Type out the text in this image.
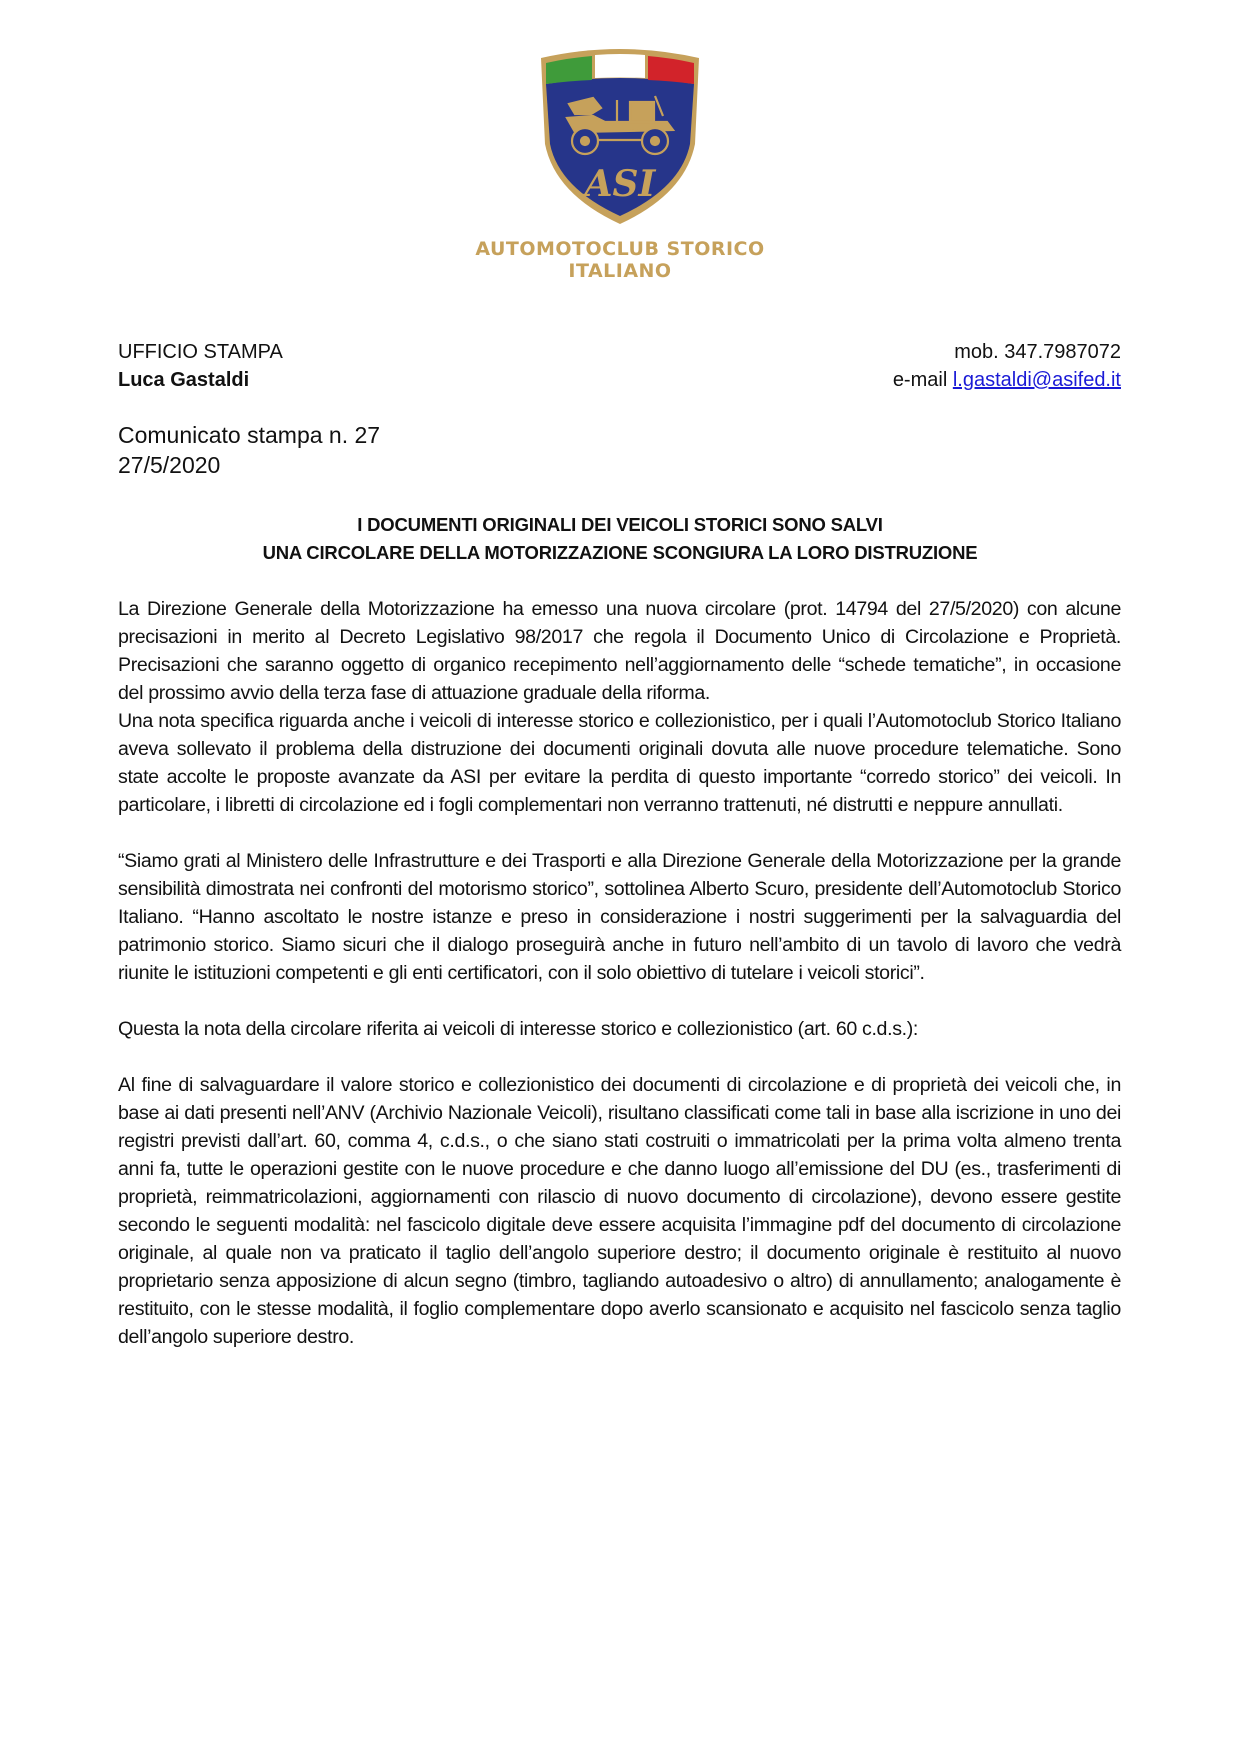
ASI
AUTOMOTOCLUB STORICO
ITALIANO
UFFICIO STAMPA
Luca Gastaldi
mob. 347.7987072
e-mail l.gastaldi@asifed.it
Comunicato stampa n. 27
27/5/2020
I DOCUMENTI ORIGINALI DEI VEICOLI STORICI SONO SALVI
UNA CIRCOLARE DELLA MOTORIZZAZIONE SCONGIURA LA LORO DISTRUZIONE

La Direzione Generale della Motorizzazione ha emesso una nuova circolare (prot. 14794 del 27/5/2020) con alcune precisazioni in merito al Decreto Legislativo 98/2017 che regola il Documento Unico di Circolazione e Proprietà. Precisazioni che saranno oggetto di organico recepimento nell’aggiornamento delle “schede tematiche”, in occasione del prossimo avvio della terza fase di attuazione graduale della riforma.

Una nota specifica riguarda anche i veicoli di interesse storico e collezionistico, per i quali l’Automotoclub Storico Italiano aveva sollevato il problema della distruzione dei documenti originali dovuta alle nuove procedure telematiche. Sono state accolte le proposte avanzate da ASI per evitare la perdita di questo importante “corredo storico” dei veicoli. In particolare, i libretti di circolazione ed i fogli complementari non verranno trattenuti, né distrutti e neppure annullati.

“Siamo grati al Ministero delle Infrastrutture e dei Trasporti e alla Direzione Generale della Motorizzazione per la grande sensibilità dimostrata nei confronti del motorismo storico”, sottolinea Alberto Scuro, presidente dell’Automotoclub Storico Italiano. “Hanno ascoltato le nostre istanze e preso in considerazione i nostri suggerimenti per la salvaguardia del patrimonio storico. Siamo sicuri che il dialogo proseguirà anche in futuro nell’ambito di un tavolo di lavoro che vedrà riunite le istituzioni competenti e gli enti certificatori, con il solo obiettivo di tutelare i veicoli storici”.

Questa la nota della circolare riferita ai veicoli di interesse storico e collezionistico (art. 60 c.d.s.):

Al fine di salvaguardare il valore storico e collezionistico dei documenti di circolazione e di proprietà dei veicoli che, in base ai dati presenti nell’ANV (Archivio Nazionale Veicoli), risultano classificati come tali in base alla iscrizione in uno dei registri previsti dall’art. 60, comma 4, c.d.s., o che siano stati costruiti o immatricolati per la prima volta almeno trenta anni fa, tutte le operazioni gestite con le nuove procedure e che danno luogo all’emissione del DU (es., trasferimenti di proprietà, reimmatricolazioni, aggiornamenti con rilascio di nuovo documento di circolazione), devono essere gestite secondo le seguenti modalità: nel fascicolo digitale deve essere acquisita l’immagine pdf del documento di circolazione originale, al quale non va praticato il taglio dell’angolo superiore destro; il documento originale è restituito al nuovo proprietario senza apposizione di alcun segno (timbro, tagliando autoadesivo o altro) di annullamento; analogamente è restituito, con le stesse modalità, il foglio complementare dopo averlo scansionato e acquisito nel fascicolo senza taglio dell’angolo superiore destro.
